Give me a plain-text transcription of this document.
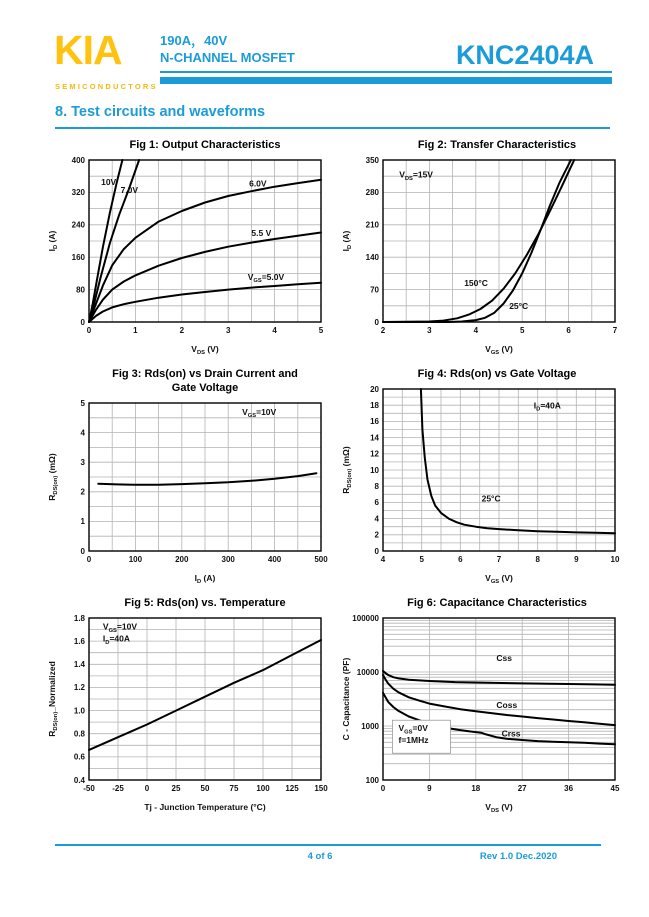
KIA
SEMICONDUCTORS
190A，40V
N-CHANNEL MOSFET	KNC2404A
8. Test circuits and waveforms
Fig 1: Output Characteristics
0	1	2	3	4	5
0
80
160
240
320
400
$V_{DS}$ (V)
$I_D$ (A)
10V
7.0V
6.0V
5.5 V
$V_{GS}=5.0V$
Fig 2: Transfer Characteristics
2	3	4	5	6	7
0
70
140
210
280
350
$V_{GS}$ (V)
$I_D$ (A)
$V_{DS}=15V$
150°C
25°C
Fig 3: Rds(on) vs Drain Current and
Gate Voltage
0	100	200	300	400	500
0
1
2
3
4
5
$I_D$ (A)
$R_{DS(on)}$ (mΩ)
$V_{GS}=10V$
Fig 4: Rds(on) vs Gate Voltage
4	5	6	7	8	9	10
0
2
4
6
8
10
12
14
16
18
20
$V_{GS}$ (V)
$R_{DS(on)}$ (mΩ)
$I_D=40A$
25°C
Fig 5: Rds(on) vs. Temperature
-50 -25	0	25	50	75 100 125 150
0.4
0.6
0.8
1.0
1.2
1.4
1.6
1.8
Tj - Junction Temperature (°C)
$R_{DS(on)}\_Normalized$
$V_{GS}=10V$
$I_D=40A$
Fig 6: Capacitance Characteristics
0	9	18	27	36	45
100
1000
10000
100000
$V_{DS}$ (V)
C - Capacitance (PF)	$V_{GS}=0V$
f=1MHz
Css
Coss
Crss
4 of 6	Rev 1.0 Dec.2020
